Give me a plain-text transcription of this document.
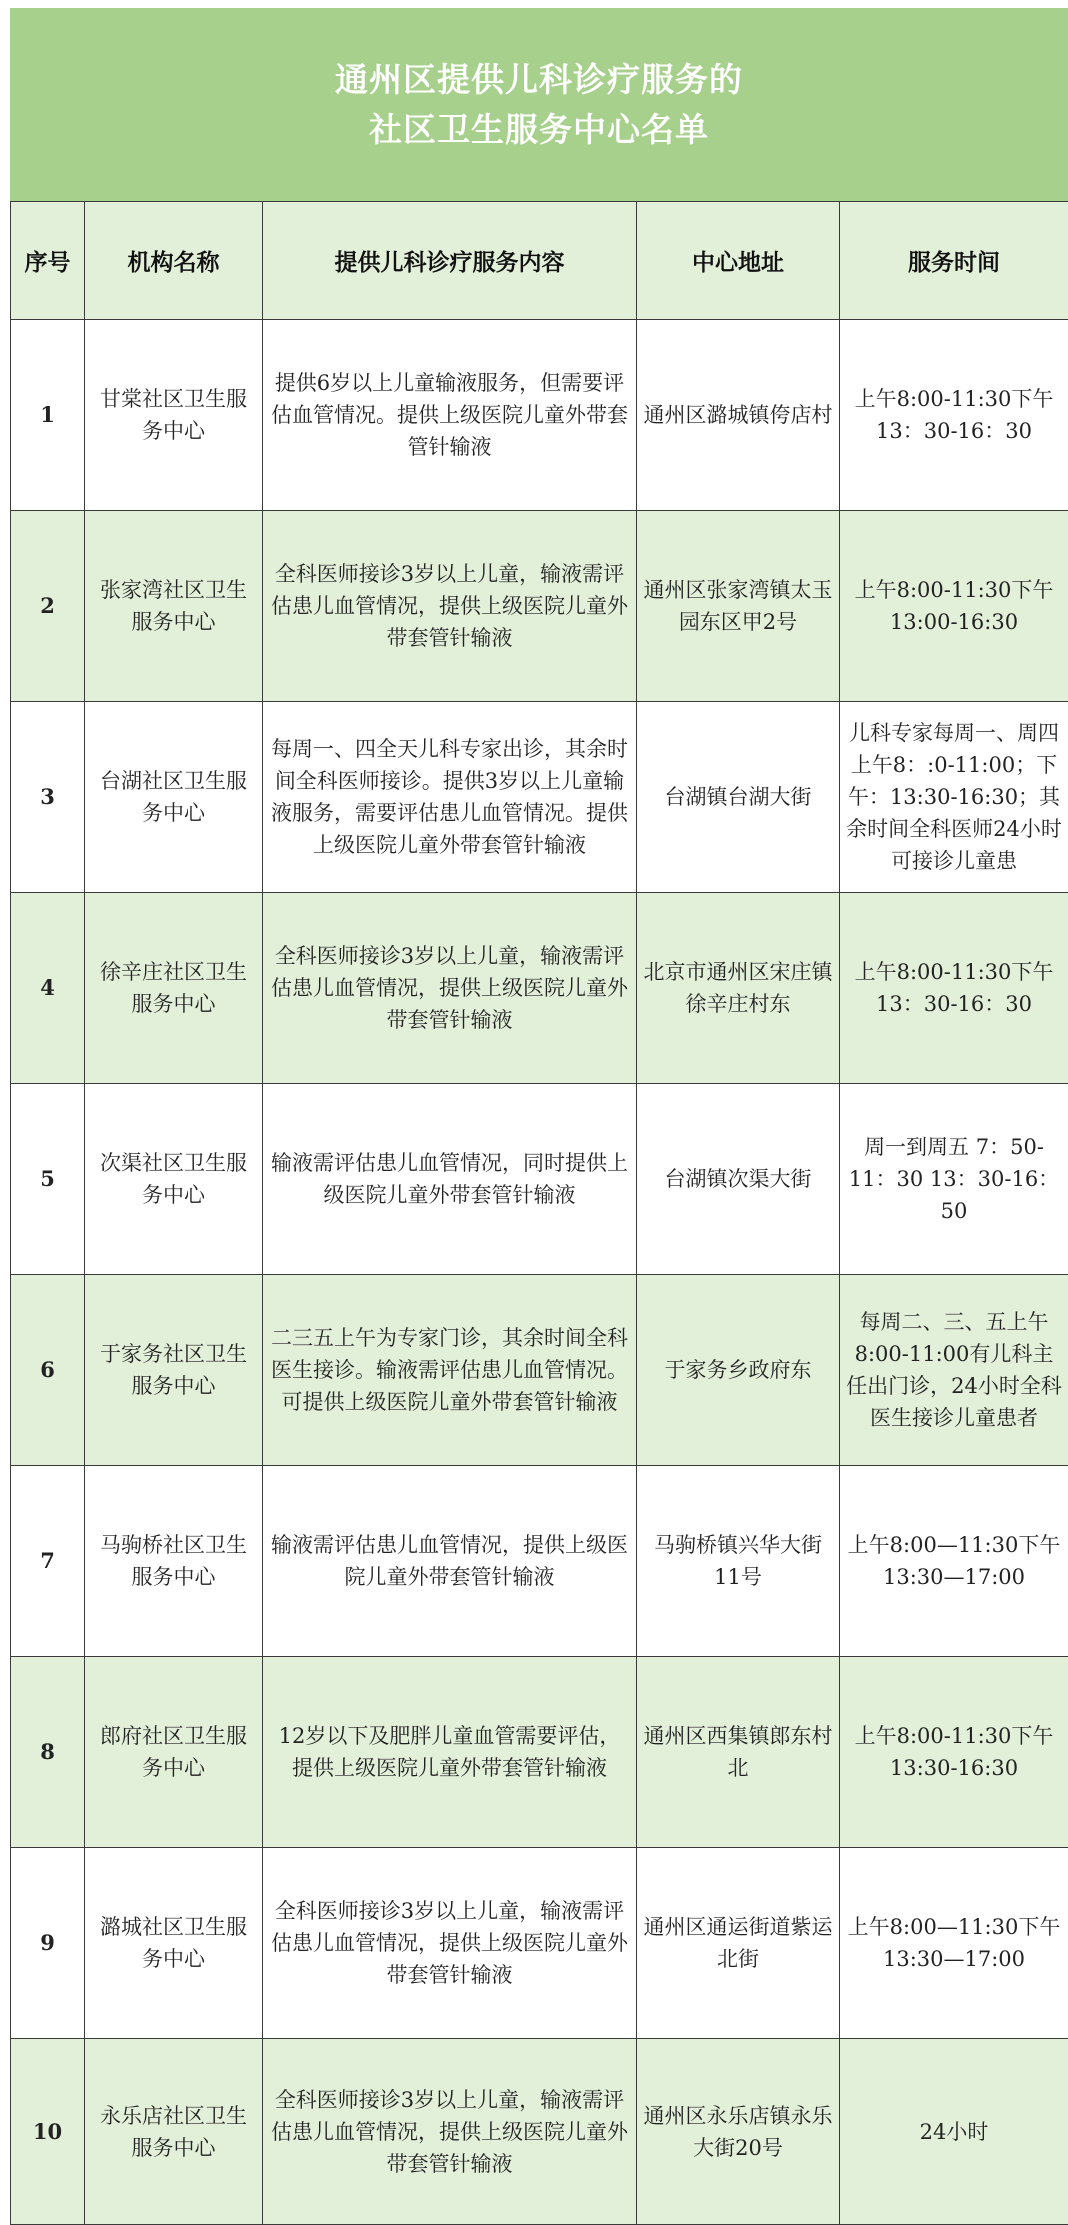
通州区提供儿科诊疗服务的
社区卫生服务中心名单
序号	机构名称	提供儿科诊疗服务内容	中心地址	服务时间
1	甘棠社区卫生服务中心	提供6岁以上儿童输液服务，但需要评估血管情况。提供上级医院儿童外带套管针输液	通州区潞城镇侉店村	上午8:00-11:30下午13：30-16：30
2	张家湾社区卫生服务中心	全科医师接诊3岁以上儿童，输液需评估患儿血管情况，提供上级医院儿童外带套管针输液	通州区张家湾镇太玉园东区甲2号	上午8:00-11:30下午13:00-16:30
3	台湖社区卫生服务中心	每周一、四全天儿科专家出诊，其余时间全科医师接诊。提供3岁以上儿童输液服务，需要评估患儿血管情况。提供上级医院儿童外带套管针输液	台湖镇台湖大街	儿科专家每周一、周四上午8：:0-11:00；下午：13:30-16:30；其余时间全科医师24小时可接诊儿童患
4	徐辛庄社区卫生服务中心	全科医师接诊3岁以上儿童，输液需评估患儿血管情况，提供上级医院儿童外带套管针输液	北京市通州区宋庄镇徐辛庄村东	上午8:00-11:30下午13：30-16：30
5	次渠社区卫生服务中心	输液需评估患儿血管情况，同时提供上级医院儿童外带套管针输液	台湖镇次渠大街	周一到周五 7：50-11：30 13：30-16：50
6	于家务社区卫生服务中心	二三五上午为专家门诊，其余时间全科医生接诊。输液需评估患儿血管情况。可提供上级医院儿童外带套管针输液	于家务乡政府东	每周二、三、五上午8:00-11:00有儿科主任出门诊，24小时全科医生接诊儿童患者
7	马驹桥社区卫生服务中心	输液需评估患儿血管情况，提供上级医院儿童外带套管针输液	马驹桥镇兴华大街11号	上午8:00—11:30下午13:30—17:00
8	郎府社区卫生服务中心	12岁以下及肥胖儿童血管需要评估，提供上级医院儿童外带套管针输液	通州区西集镇郎东村北	上午8:00-11:30下午13:30-16:30
9	潞城社区卫生服务中心	全科医师接诊3岁以上儿童，输液需评估患儿血管情况，提供上级医院儿童外带套管针输液	通州区通运街道紫运北街	上午8:00—11:30下午13:30—17:00
10	永乐店社区卫生服务中心	全科医师接诊3岁以上儿童，输液需评估患儿血管情况，提供上级医院儿童外带套管针输液	通州区永乐店镇永乐大街20号	24小时
